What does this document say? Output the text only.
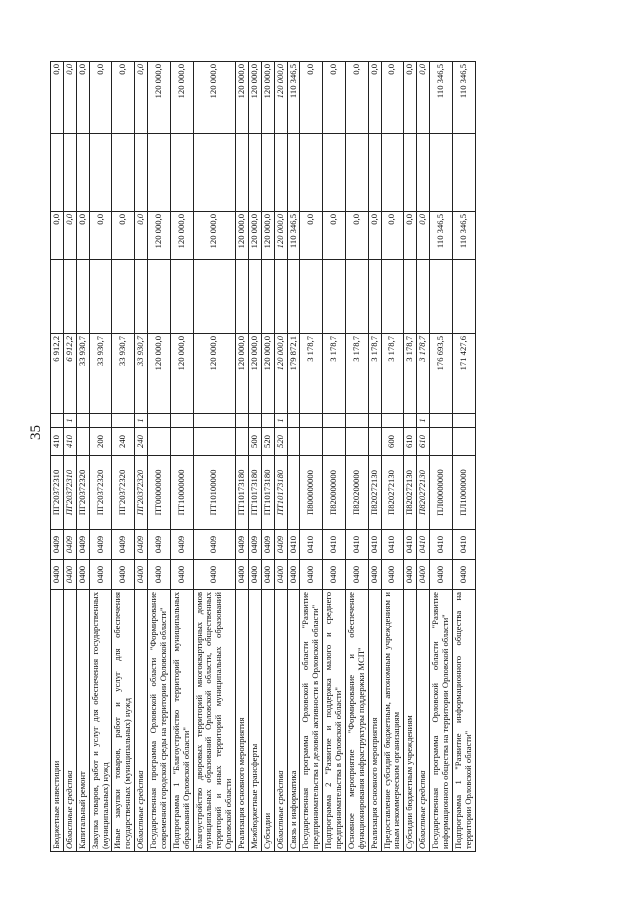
35
Бюджетные инвестиции	0400	0409	ПГ20372310	410		6 912,2		0,0		0,0
Областные средства	0400	0409	ПГ20372310	410	1	6 912,2		0,0		0,0
Капитальный ремонт	0400	0409	ПГ20372320			33 930,7		0,0		0,0
Закупка товаров, работ и услуг для обеспечения государственных (муниципальных) нужд	0400	0409	ПГ20372320	200		33 930,7		0,0		0,0
Иные закупки товаров, работ и услуг для обеспечения государственных (муниципальных) нужд	0400	0409	ПГ20372320	240		33 930,7		0,0		0,0
Областные средства	0400	0409	ПГ20372320	240	1	33 930,7		0,0		0,0
Государственная программа Орловской области "Формирование современной городской среды на территории Орловской области"	0400	0409	ПТ00000000			120 000,0		120 000,0		120 000,0
Подпрограмма 1 "Благоустройство территорий муниципальных образований Орловской области"	0400	0409	ПТ10000000			120 000,0		120 000,0		120 000,0
Благоустройство дворовых территорий многоквартирных домов муниципальных образований Орловской области, общественных территорий и иных территорий муниципальных образований Орловской области	0400	0409	ПТ10100000			120 000,0		120 000,0		120 000,0
Реализация основного мероприятия	0400	0409	ПТ10173180			120 000,0		120 000,0		120 000,0
Межбюджетные трансферты	0400	0409	ПТ10173180	500		120 000,0		120 000,0		120 000,0
Субсидии	0400	0409	ПТ10173180	520		120 000,0		120 000,0		120 000,0
Областные средства	0400	0409	ПТ10173180	520	1	120 000,0		120 000,0		120 000,0
Связь и информатика	0400	0410				179 872,1		110 346,5		110 346,5
Государственная программа Орловской области "Развитие предпринимательства и деловой активности в Орловской области"	0400	0410	П800000000			3 178,7		0,0		0,0
Подпрограмма 2 "Развитие и поддержка малого и среднего предпринимательства в Орловской области"	0400	0410	П820000000			3 178,7		0,0		0,0
Основное мероприятие "Формирование и обеспечение функционирования инфраструктуры поддержки МСП"	0400	0410	П820200000			3 178,7		0,0		0,0
Реализация основного мероприятия	0400	0410	П820272130			3 178,7		0,0		0,0
Предоставление субсидий бюджетным, автономным учреждениям и иным некоммерческим организациям	0400	0410	П820272130	600		3 178,7		0,0		0,0
Субсидии бюджетным учреждениям	0400	0410	П820272130	610		3 178,7		0,0		0,0
Областные средства	0400	0410	П820272130	610	1	3 178,7		0,0		0,0
Государственная программа Орловской области "Развитие информационного общества на территории Орловской области"	0400	0410	ПЛ00000000			176 693,5		110 346,5		110 346,5
Подпрограмма 1 "Развитие информационного общества на территории Орловской области"	0400	0410	ПЛ10000000			171 427,6		110 346,5		110 346,5
